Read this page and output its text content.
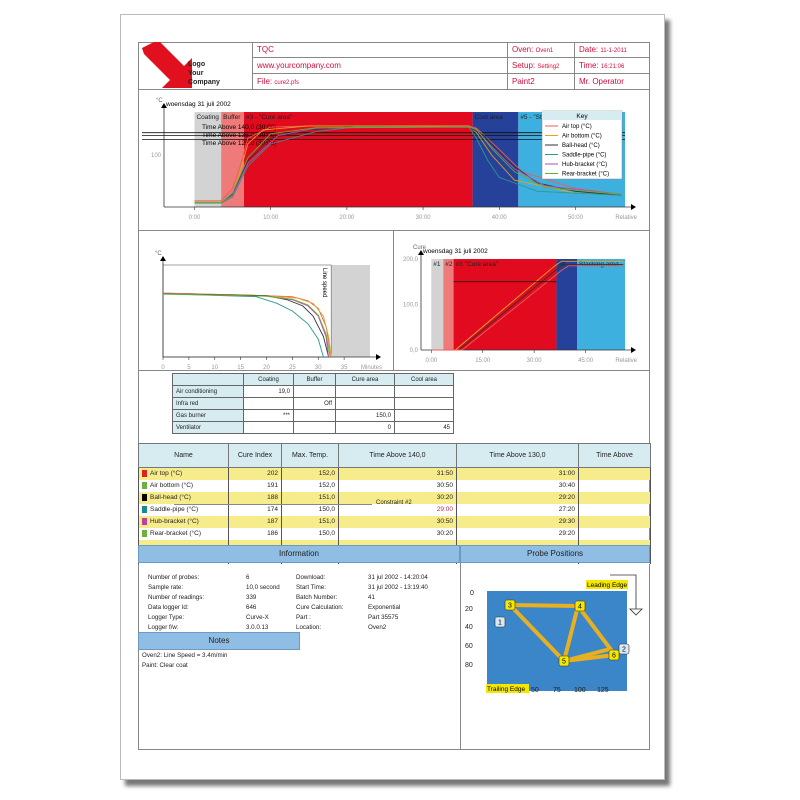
Logo
Your
Company
TQC
www.yourcompany.com
File: cure2.pfs
Oven: Oven1
Setup: Setting2
Paint2
Date: 11-1-2011
Time: 16:21:06
Mr. Operator
Coating Buffer #3 - "Cure area"	Cool area	#5 - "St
Time Above 140,0 (30:00)
Time Above 135,0 (30:00)
Time Above 125,0 (30:00)
0:00	10:00	20:00	30:00	40:00	50:00
100
Relative
°C woensdag 31 juli 2002
Key
Air top (°C)
Air bottom (°C)
Ball-head (°C)
Saddle-pipe (°C)
Hub-bracket (°C)
Rear-bracket (°C)
0	5	10	15	20	25	30	35 Minutes
°C
Line speed
#1 #2 #3 "Cure area"	#4 Stacking area
0:00	15:00	30:00	45:00
0,0
100,0
200,0
Relative
Cure
woensdag 31 juli 2002
	Coating	Buffer	Cure area	Cool area
Air conditioning	19,0			
Infra red		Off		
Gas burner	***		150,0	
Ventilator			0	45
Name	Cure Index	Max. Temp.	Time Above 140,0	Time Above 130,0	Time Above
Air top (°C)	202	152,0	31:50	31:00	
Air bottom (°C)	191	152,0	30:50	30:40	
Ball-head (°C)	188	151,0	30:20	29:20	
Saddle-pipe (°C)	174	150,0	29:00	27:20	
Hub-bracket (°C)	187	151,0	30:50	29:30	
Rear-bracket (°C)	186	150,0	30:20	29:20	

Constraint #2
Information	Probe Positions
Number of probes:	6
Sample rate:	10,0 second
Number of readings:	339
Data logger Id:	646
Logger Type:	Curve-X
Logger f/w:	3.0.0.13
Download:	31 jul 2002 - 14:20:04
Start Time:	31 jul 2002 - 13:19:40
Batch Number:	41
Cure Calculation:	Exponential
Part :	Part 35575
Location:	Oven2
Notes
Oven2: Line Speed = 3.4m/min
Paint: Clear coat
0
20
40
60
80
50 75 100 125
Leading Edge
Trailing Edge
1
2
3	4
5
6
